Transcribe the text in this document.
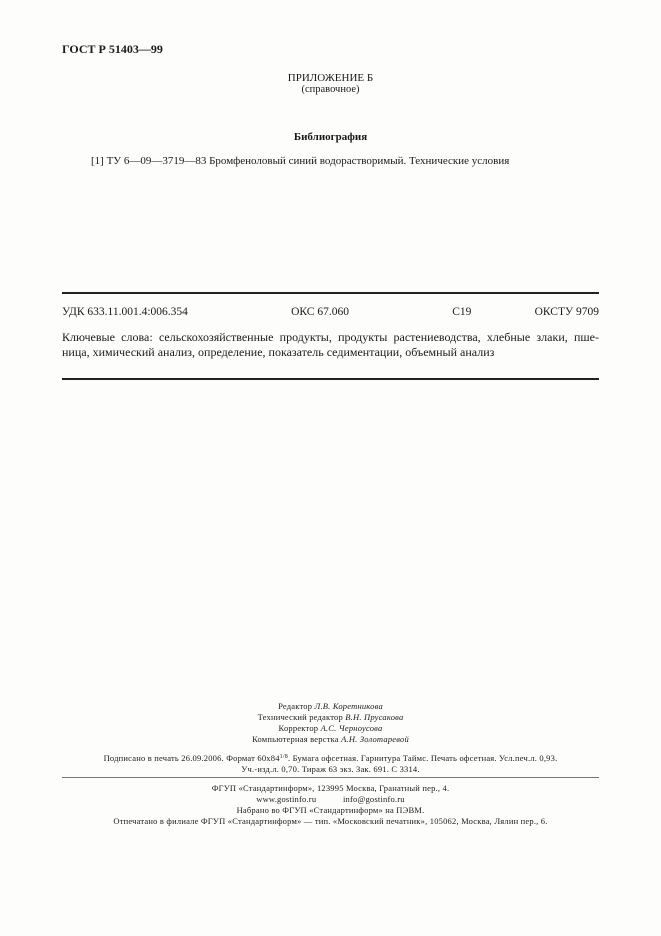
ГОСТ Р 51403—99
ПРИЛОЖЕНИЕ Б
(справочное)
Библиография
[1] ТУ 6—09—3719—83 Бромфеноловый синий водорастворимый. Технические условия
УДК 633.11.001.4:006.354	ОКС 67.060	С19	ОКСТУ 9709
Ключевые слова: сельскохозяйственные продукты, продукты растениеводства, хлебные злаки, пше-
ница, химический анализ, определение, показатель седиментации, объемный анализ
Редактор Л.В. Коретникова
Технический редактор В.Н. Прусакова
Корректор А.С. Черноусова
Компьютерная верстка А.Н. Золотаревой
Подписано в печать 26.09.2006. Формат $60x84^{1/8}$. Бумага офсетная. Гарнитура Таймс. Печать офсетная. Усл.печ.л. 0,93.
Уч.-изд.л. 0,70. Тираж 63 экз. Зак. 691. С 3314.
ФГУП «Стандартинформ», 123995 Москва, Гранатный пер., 4.
www.gostinfo.ru	info@gostinfo.ru
Набрано во ФГУП «Стандартинформ» на ПЭВМ.
Отпечатано в филиале ФГУП «Стандартинформ» — тип. «Московский печатник», 105062, Москва, Лялин пер., 6.
